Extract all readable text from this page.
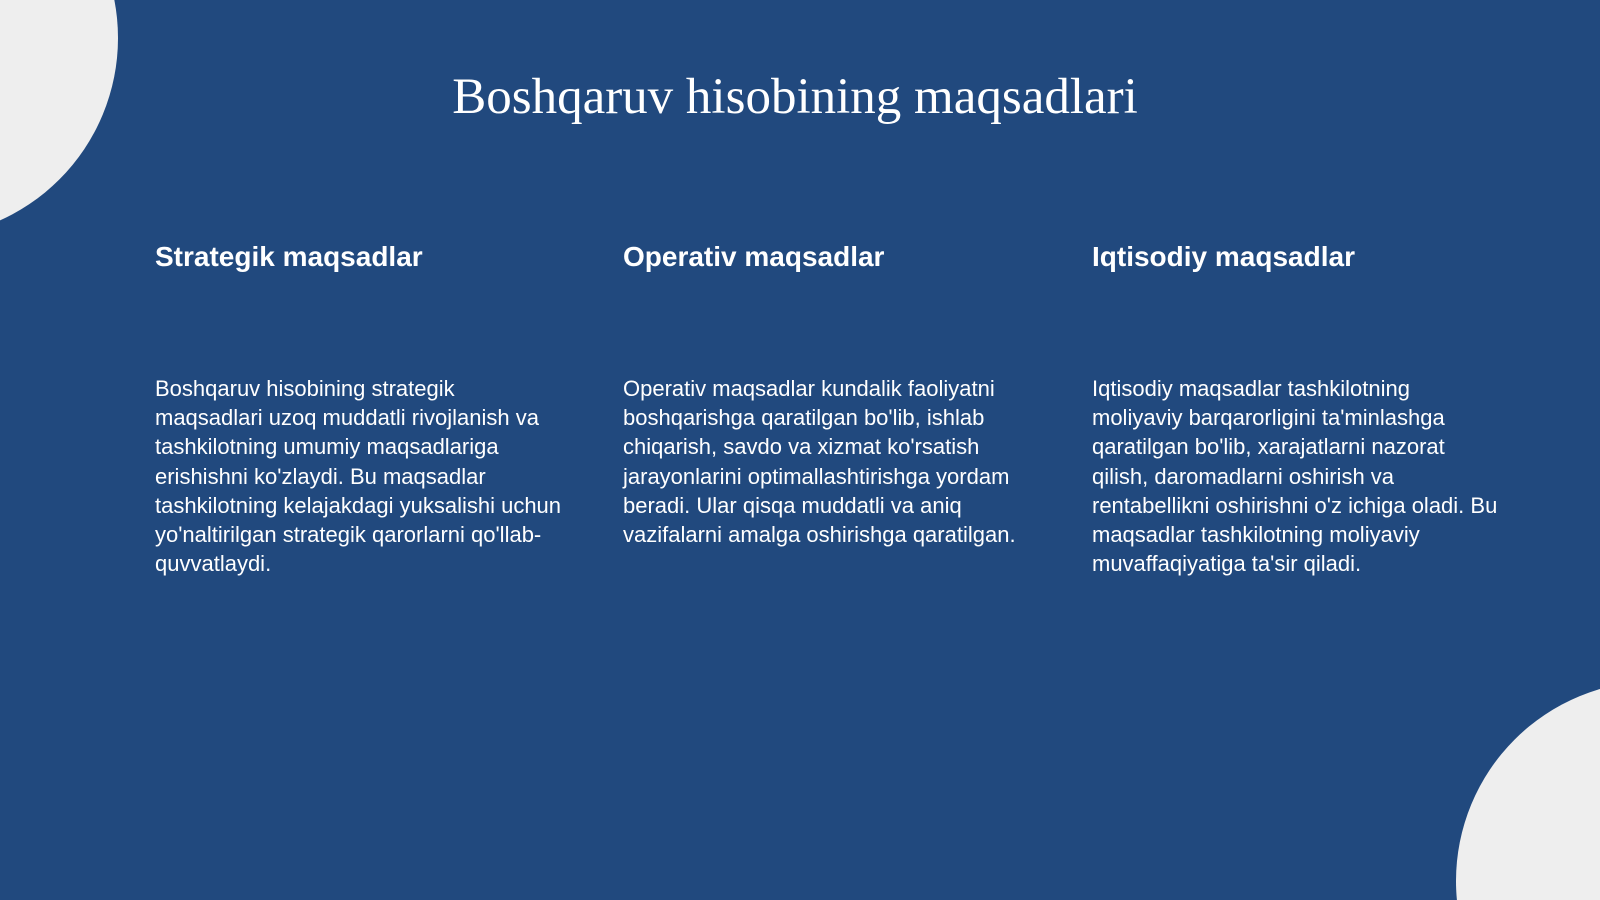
Boshqaruv hisobining maqsadlari
Strategik maqsadlar

Boshqaruv hisobining strategik maqsadlari uzoq muddatli rivojlanish va tashkilotning umumiy maqsadlariga erishishni ko'zlaydi. Bu maqsadlar tashkilotning kelajakdagi yuksalishi uchun yo'naltirilgan strategik qarorlarni qo'llab-quvvatlaydi.

Operativ maqsadlar

Operativ maqsadlar kundalik faoliyatni boshqarishga qaratilgan bo'lib, ishlab chiqarish, savdo va xizmat ko'rsatish jarayonlarini optimallashtirishga yordam beradi. Ular qisqa muddatli va aniq vazifalarni amalga oshirishga qaratilgan.

Iqtisodiy maqsadlar

Iqtisodiy maqsadlar tashkilotning moliyaviy barqarorligini ta'minlashga qaratilgan bo'lib, xarajatlarni nazorat qilish, daromadlarni oshirish va rentabellikni oshirishni o'z ichiga oladi. Bu maqsadlar tashkilotning moliyaviy muvaffaqiyatiga ta'sir qiladi.
